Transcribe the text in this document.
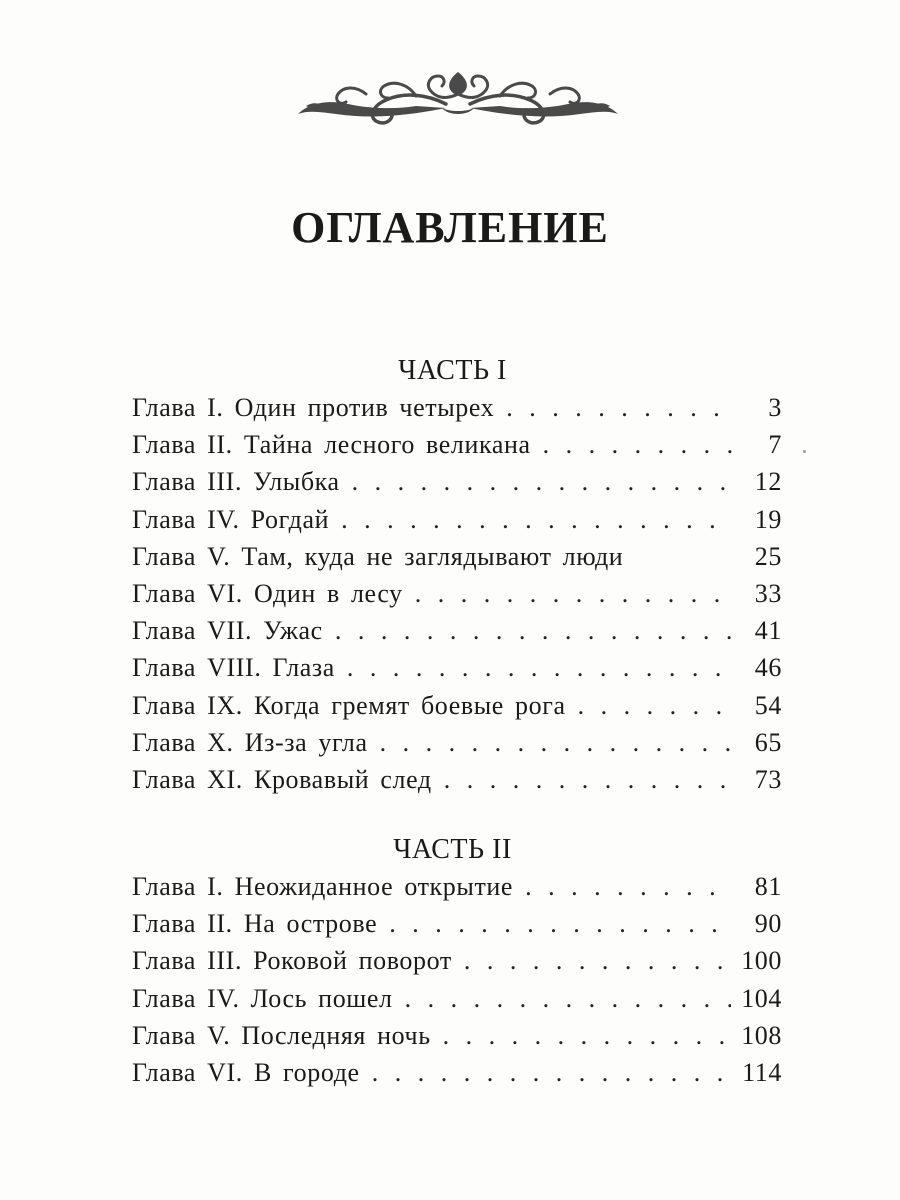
ОГЛАВЛЕНИЕ
ЧАСТЬ I
Глава I. Один против четырех . . .	3
Глава II. Тайна лесного великана . . .	7
Глава III. Улыбка . . .	12
Глава IV. Рогдай . . .	19
Глава V. Там, куда не заглядывают люди	25
Глава VI. Один в лесу . . .	33
Глава VII. Ужас . . .	41
Глава VIII. Глаза . . .	46
Глава IX. Когда гремят боевые рога . . .	54
Глава X. Из-за угла . . .	65
Глава XI. Кровавый след . . .	73
ЧАСТЬ II
Глава I. Неожиданное открытие . . .	81
Глава II. На острове . . .	90
Глава III. Роковой поворот . . .	100
Глава IV. Лось пошел . . .	104
Глава V. Последняя ночь . . .	108
Глава VI. В городе . . .	114
